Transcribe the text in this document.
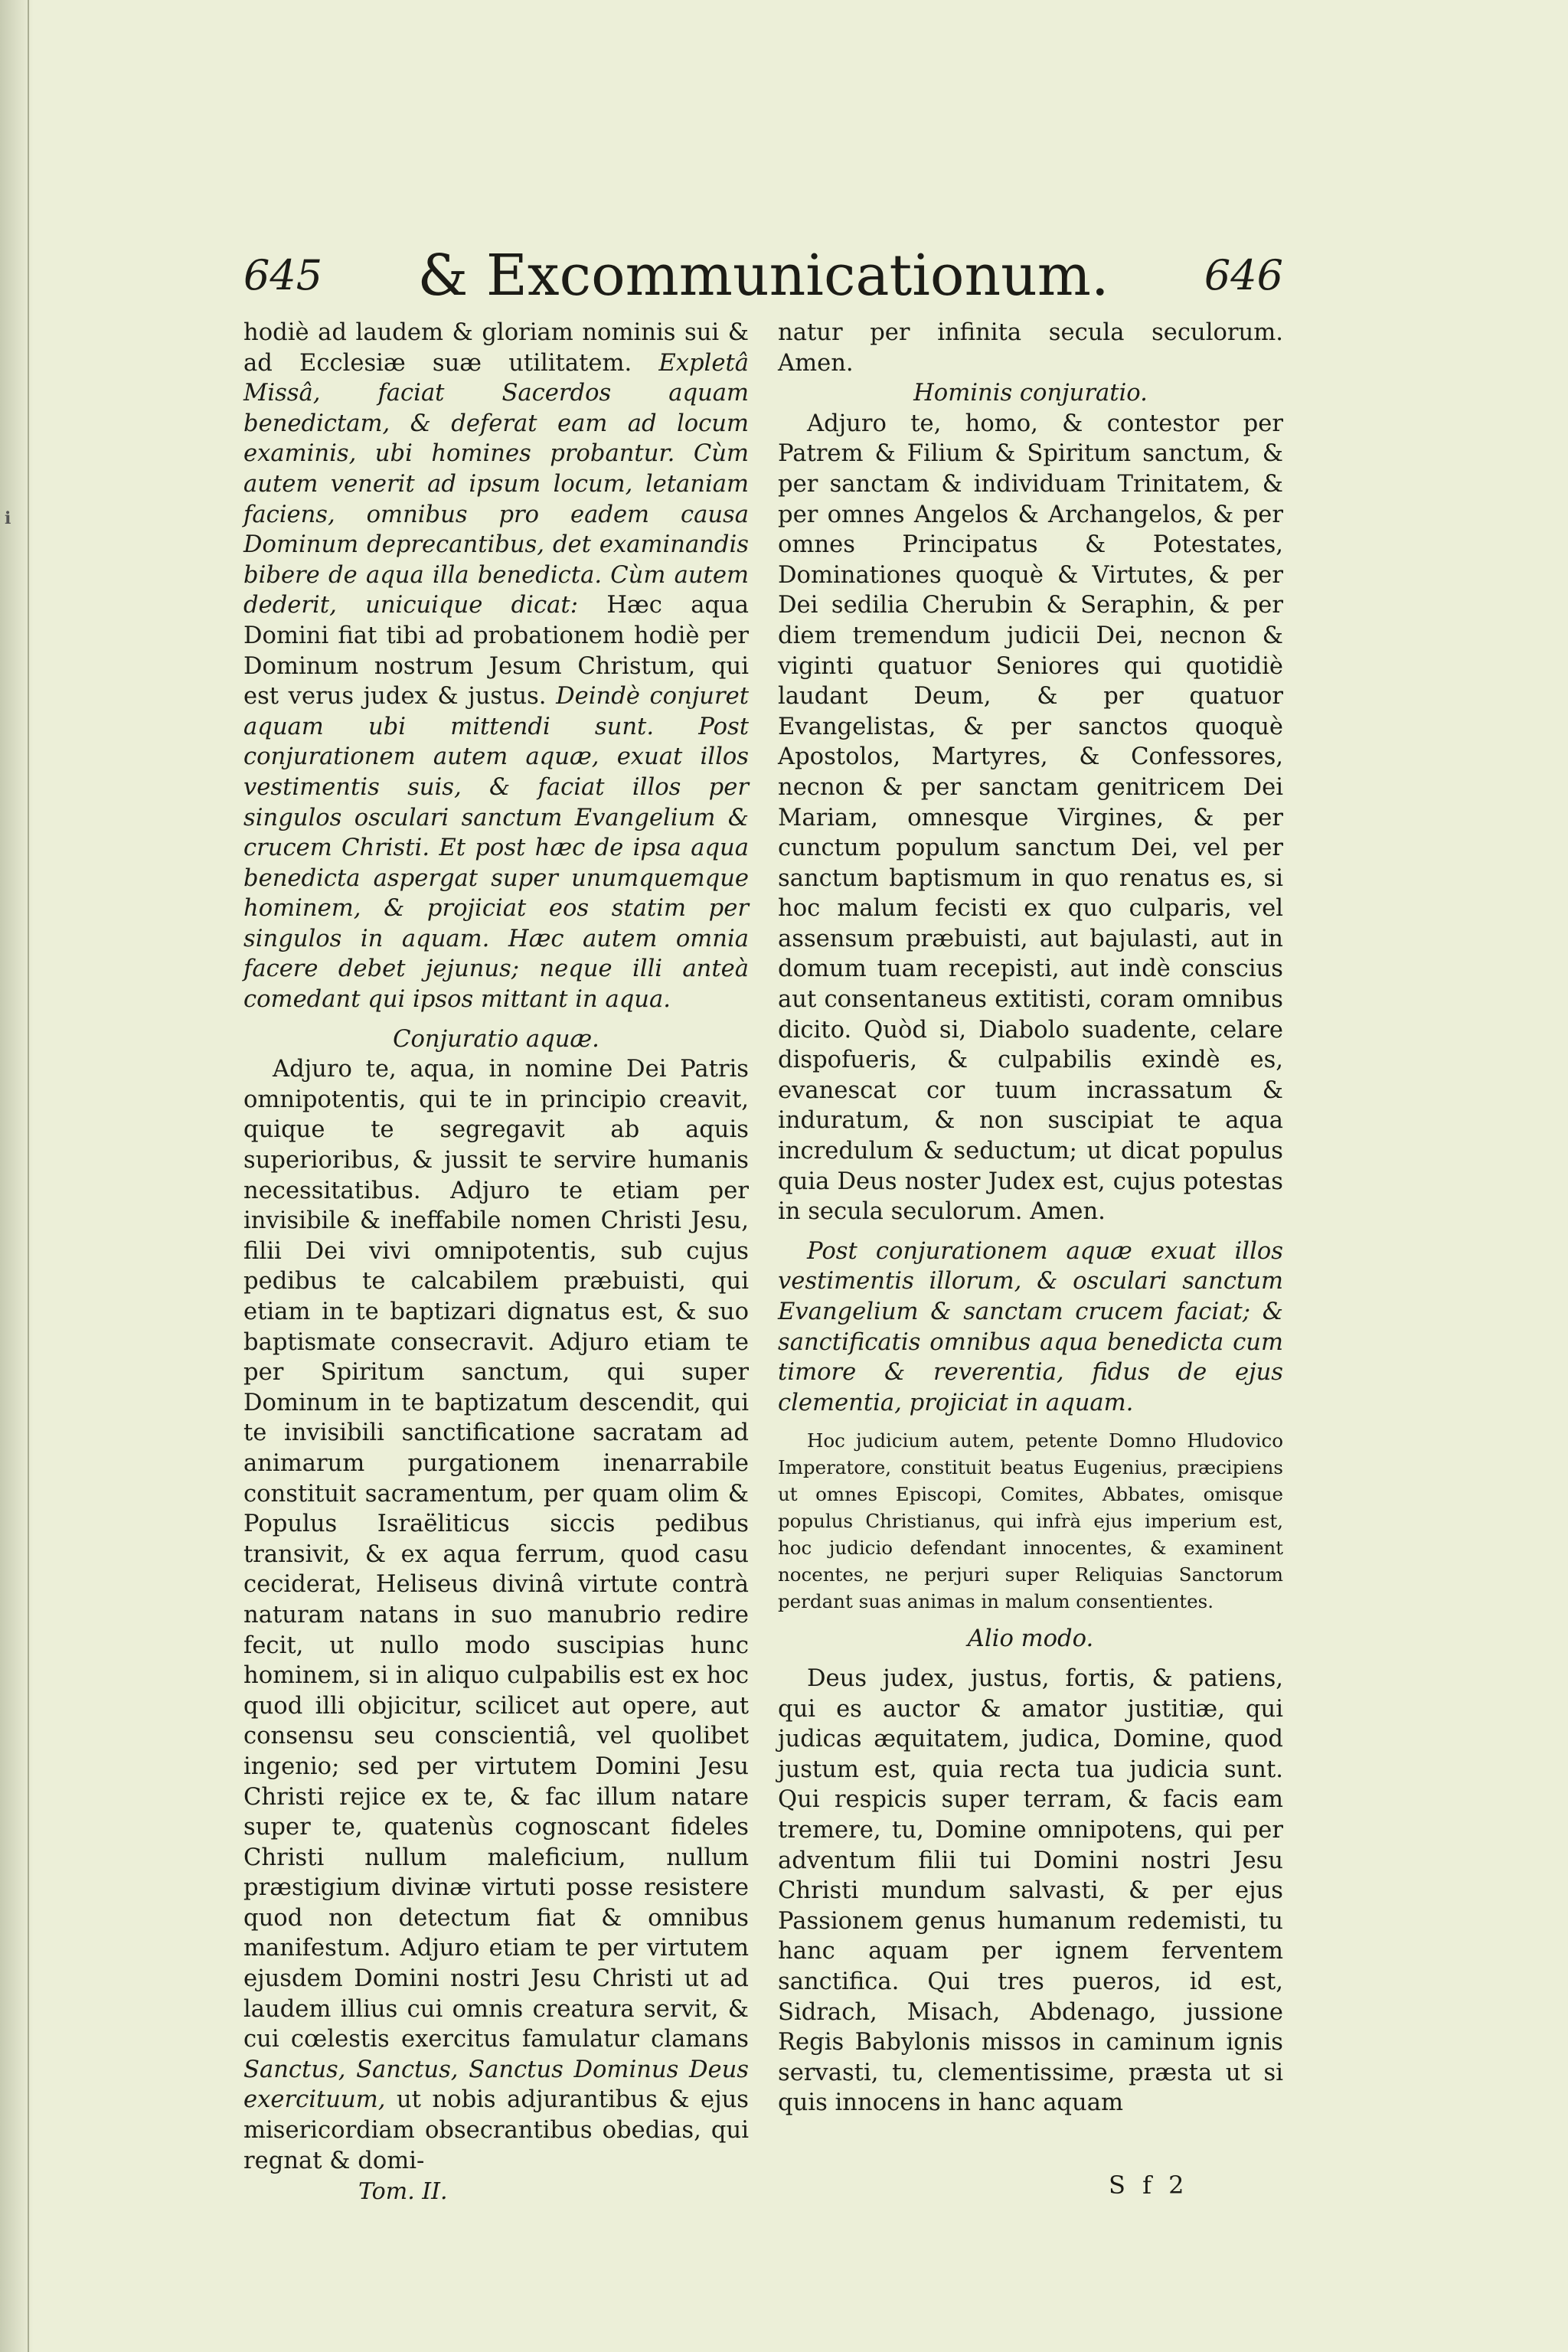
ℹ
645	& Excommunicationum.	646

hodiè ad laudem & gloriam nominis sui & ad Ecclesiæ suæ utilitatem. Expletâ Missâ, faciat Sacerdos aquam benedictam, & deferat eam ad locum examinis, ubi homines probantur. Cùm autem venerit ad ipsum locum, letaniam faciens, omnibus pro eadem causa Dominum deprecantibus, det examinandis bibere de aqua illa benedicta. Cùm autem dederit, unicuique dicat: Hæc aqua Domini fiat tibi ad probationem hodiè per Dominum nostrum Jesum Christum, qui est verus judex & justus. Deindè conjuret aquam ubi mittendi sunt. Post conjurationem autem aquæ, exuat illos vestimentis suis, & faciat illos per singulos osculari sanctum Evangelium & crucem Christi. Et post hæc de ipsa aqua benedicta aspergat super unumquemque hominem, & projiciat eos statim per singulos in aquam. Hæc autem omnia facere debet jejunus; neque illi anteà comedant qui ipsos mittant in aqua.

Conjuratio aquæ.

Adjuro te, aqua, in nomine Dei Patris omnipotentis, qui te in principio creavit, quique te segregavit ab aquis superioribus, & jussit te servire humanis necessitatibus. Adjuro te etiam per invisibile & ineffabile nomen Christi Jesu, filii Dei vivi omnipotentis, sub cujus pedibus te calcabilem præbuisti, qui etiam in te baptizari dignatus est, & suo baptismate consecravit. Adjuro etiam te per Spiritum sanctum, qui super Dominum in te baptizatum descendit, qui te invisibili sanctificatione sacratam ad animarum purgationem inenarrabile constituit sacramentum, per quam olim & Populus Israëliticus siccis pedibus transivit, & ex aqua ferrum, quod casu ceciderat, Heliseus divinâ virtute contrà naturam natans in suo manubrio redire fecit, ut nullo modo suscipias hunc hominem, si in aliquo culpabilis est ex hoc quod illi objicitur, scilicet aut opere, aut consensu seu conscientiâ, vel quolibet ingenio; sed per virtutem Domini Jesu Christi rejice ex te, & fac illum natare super te, quatenùs cognoscant fideles Christi nullum maleficium, nullum præstigium divinæ virtuti posse resistere quod non detectum fiat & omnibus manifestum. Adjuro etiam te per virtutem ejusdem Domini nostri Jesu Christi ut ad laudem illius cui omnis creatura servit, & cui cœlestis exercitus famulatur clamans Sanctus, Sanctus, Sanctus Dominus Deus exercituum, ut nobis adjurantibus & ejus misericordiam obsecrantibus obedias, qui regnat & domi-

natur per infinita secula seculorum. Amen.

Hominis conjuratio.

Adjuro te, homo, & contestor per Patrem & Filium & Spiritum sanctum, & per sanctam & individuam Trinitatem, & per omnes Angelos & Archangelos, & per omnes Principatus & Potestates, Dominationes quoquè & Virtutes, & per Dei sedilia Cherubin & Seraphin, & per diem tremendum judicii Dei, necnon & viginti quatuor Seniores qui quotidiè laudant Deum, & per quatuor Evangelistas, & per sanctos quoquè Apostolos, Martyres, & Confessores, necnon & per sanctam genitricem Dei Mariam, omnesque Virgines, & per cunctum populum sanctum Dei, vel per sanctum baptismum in quo renatus es, si hoc malum fecisti ex quo culparis, vel assensum præbuisti, aut bajulasti, aut in domum tuam recepisti, aut indè conscius aut consentaneus extitisti, coram omnibus dicito. Quòd si, Diabolo suadente, celare dispofueris, & culpabilis exindè es, evanescat cor tuum incrassatum & induratum, & non suscipiat te aqua incredulum & seductum; ut dicat populus quia Deus noster Judex est, cujus potestas in secula seculorum. Amen.

Post conjurationem aquæ exuat illos vestimentis illorum, & osculari sanctum Evangelium & sanctam crucem faciat; & sanctificatis omnibus aqua benedicta cum timore & reverentia, fidus de ejus clementia, projiciat in aquam.

Hoc judicium autem, petente Domno Hludovico Imperatore, constituit beatus Eugenius, præcipiens ut omnes Episcopi, Comites, Abbates, omisque populus Christianus, qui infrà ejus imperium est, hoc judicio defendant innocentes, & examinent nocentes, ne perjuri super Reliquias Sanctorum perdant suas animas in malum consentientes.

Alio modo.

Deus judex, justus, fortis, & patiens, qui es auctor & amator justitiæ, qui judicas æquitatem, judica, Domine, quod justum est, quia recta tua judicia sunt. Qui respicis super terram, & facis eam tremere, tu, Domine omnipotens, qui per adventum filii tui Domini nostri Jesu Christi mundum salvasti, & per ejus Passionem genus humanum redemisti, tu hanc aquam per ignem ferventem sanctifica. Qui tres pueros, id est, Sidrach, Misach, Abdenago, jussione Regis Babylonis missos in caminum ignis servasti, tu, clementissime, præsta ut si quis innocens in hanc aquam

Tom. II.	S f 2
